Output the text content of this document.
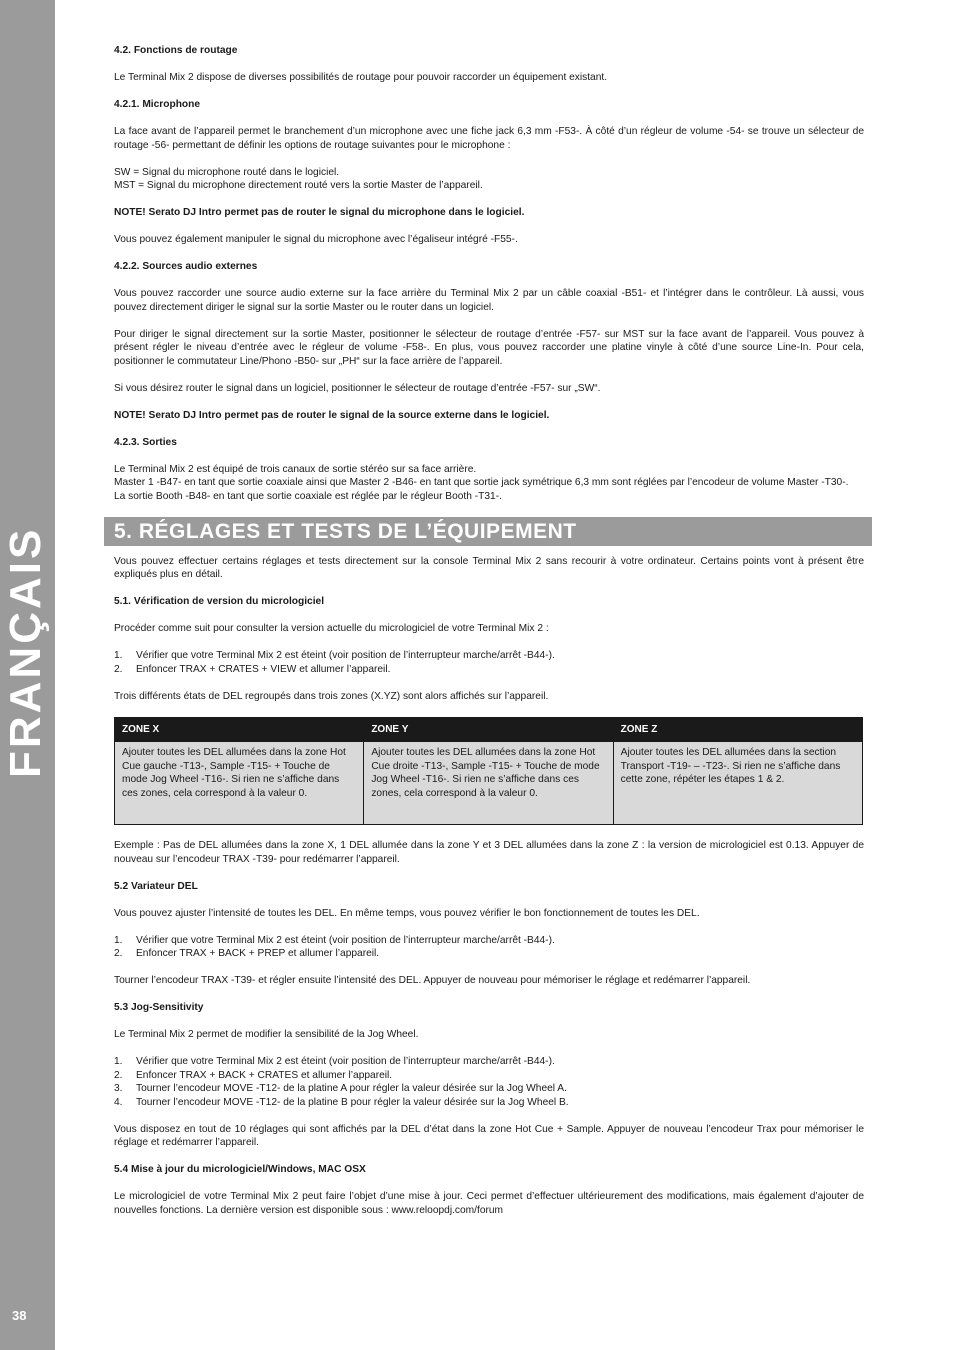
FRANÇAIS
38
4.2. Fonctions de routage

Le Terminal Mix 2 dispose de diverses possibilités de routage pour pouvoir raccorder un équipement existant.

4.2.1. Microphone

La face avant de l’appareil permet le branchement d’un microphone avec une fiche jack 6,3 mm -F53-. À côté d’un régleur de volume -54- se trouve un sélecteur de routage -56- permettant de définir les options de routage suivantes pour le microphone :

SW = Signal du microphone routé dans le logiciel.
MST = Signal du microphone directement routé vers la sortie Master de l’appareil.

NOTE! Serato DJ Intro permet pas de router le signal du microphone dans le logiciel.

Vous pouvez également manipuler le signal du microphone avec l’égaliseur intégré -F55-.

4.2.2. Sources audio externes

Vous pouvez raccorder une source audio externe sur la face arrière du Terminal Mix 2 par un câble coaxial -B51- et l’intégrer dans le contrôleur. Là aussi, vous pouvez directement diriger le signal sur la sortie Master ou le router dans un logiciel.

Pour diriger le signal directement sur la sortie Master, positionner le sélecteur de routage d’entrée -F57- sur MST sur la face avant de l’appareil. Vous pouvez à présent régler le niveau d’entrée avec le régleur de volume -F58-. En plus, vous pouvez raccorder une platine vinyle à côté d’une source Line-In. Pour cela, positionner le commutateur Line/Phono -B50- sur „PH“ sur la face arrière de l’appareil.

Si vous désirez router le signal dans un logiciel, positionner le sélecteur de routage d’entrée -F57- sur „SW“.

NOTE! Serato DJ Intro permet pas de router le signal de la source externe dans le logiciel.

4.2.3. Sorties

Le Terminal Mix 2 est équipé de trois canaux de sortie stéréo sur sa face arrière.
Master 1 -B47- en tant que sortie coaxiale ainsi que Master 2 -B46- en tant que sortie jack symétrique 6,3 mm sont réglées par l’encodeur de volume Master -T30-.
La sortie Booth -B48- en tant que sortie coaxiale est réglée par le régleur Booth -T31-.

5. RÉGLAGES ET TESTS DE L’ÉQUIPEMENT

Vous pouvez effectuer certains réglages et tests directement sur la console Terminal Mix 2 sans recourir à votre ordinateur. Certains points vont à présent être expliqués plus en détail.

5.1. Vérification de version du micrologiciel

Procéder comme suit pour consulter la version actuelle du micrologiciel de votre Terminal Mix 2 :

1. Vérifier que votre Terminal Mix 2 est éteint (voir position de l’interrupteur marche/arrêt -B44-).
2. Enfoncer TRAX + CRATES + VIEW et allumer l’appareil.

Trois différents états de DEL regroupés dans trois zones (X.YZ) sont alors affichés sur l’appareil.

ZONE X	ZONE Y	ZONE Z
Ajouter toutes les DEL allumées dans la zone Hot Cue gauche -T13-, Sample -T15- + Touche de mode Jog Wheel -T16-. Si rien ne s’affiche dans ces zones, cela correspond à la valeur 0.	Ajouter toutes les DEL allumées dans la zone Hot Cue droite -T13-, Sample -T15- + Touche de mode Jog Wheel -T16-. Si rien ne s’affiche dans ces zones, cela correspond à la valeur 0.	Ajouter toutes les DEL allumées dans la section Transport -T19- – -T23-. Si rien ne s’affiche dans cette zone, répéter les étapes 1 & 2.

Exemple : Pas de DEL allumées dans la zone X, 1 DEL allumée dans la zone Y et 3 DEL allumées dans la zone Z : la version de micrologiciel est 0.13. Appuyer de nouveau sur l’encodeur TRAX -T39- pour redémarrer l’appareil.

5.2 Variateur DEL

Vous pouvez ajuster l’intensité de toutes les DEL. En même temps, vous pouvez vérifier le bon fonctionnement de toutes les DEL.

1. Vérifier que votre Terminal Mix 2 est éteint (voir position de l’interrupteur marche/arrêt -B44-).
2. Enfoncer TRAX + BACK + PREP et allumer l’appareil.

Tourner l’encodeur TRAX -T39- et régler ensuite l’intensité des DEL. Appuyer de nouveau pour mémoriser le réglage et redémarrer l’appareil.

5.3 Jog-Sensitivity

Le Terminal Mix 2 permet de modifier la sensibilité de la Jog Wheel.

1. Vérifier que votre Terminal Mix 2 est éteint (voir position de l’interrupteur marche/arrêt -B44-).
2. Enfoncer TRAX + BACK + CRATES et allumer l’appareil.
3. Tourner l’encodeur MOVE -T12- de la platine A pour régler la valeur désirée sur la Jog Wheel A.
4. Tourner l’encodeur MOVE -T12- de la platine B pour régler la valeur désirée sur la Jog Wheel B.

Vous disposez en tout de 10 réglages qui sont affichés par la DEL d’état dans la zone Hot Cue + Sample. Appuyer de nouveau l’encodeur Trax pour mémoriser le réglage et redémarrer l’appareil.

5.4 Mise à jour du micrologiciel/Windows, MAC OSX

Le micrologiciel de votre Terminal Mix 2 peut faire l’objet d’une mise à jour. Ceci permet d’effectuer ultérieurement des modifications, mais également d’ajouter de nouvelles fonctions. La dernière version est disponible sous : www.reloopdj.com/forum
